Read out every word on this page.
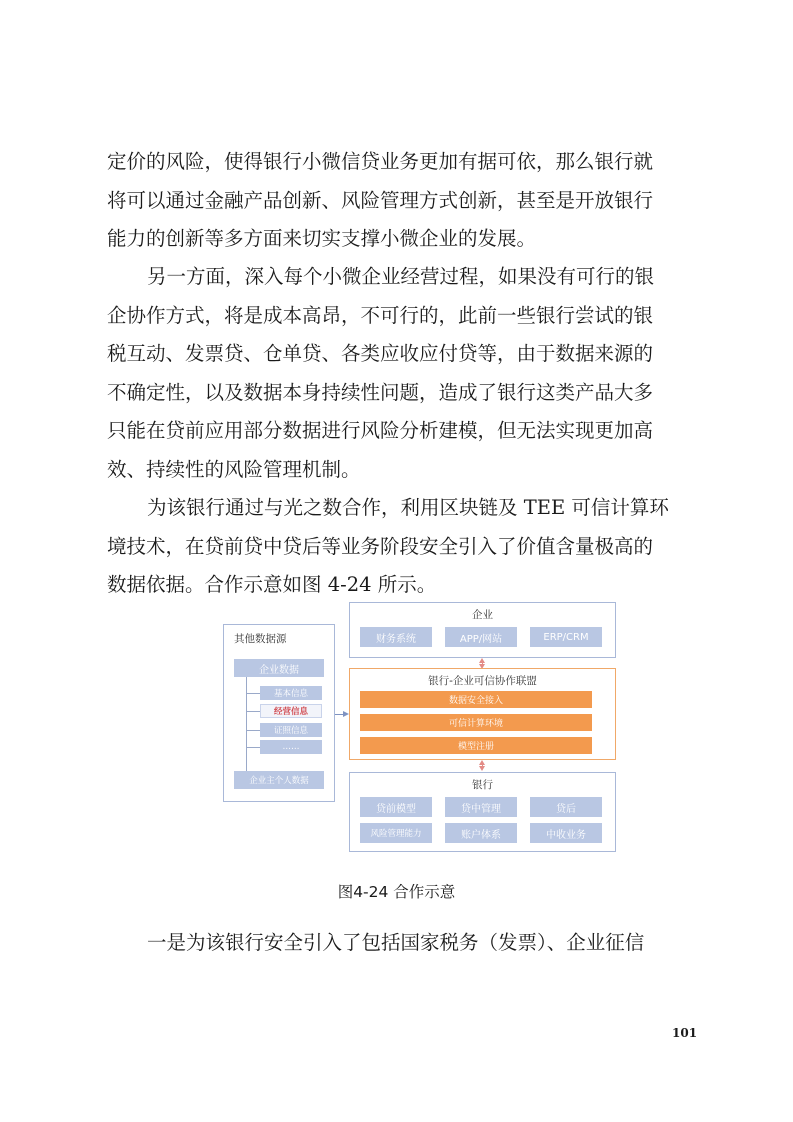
定价的风险，使得银行小微信贷业务更加有据可依，那么银行就
将可以通过金融产品创新、风险管理方式创新，甚至是开放银行
能力的创新等多方面来切实支撑小微企业的发展。
另一方面，深入每个小微企业经营过程，如果没有可行的银
企协作方式，将是成本高昂，不可行的，此前一些银行尝试的银
税互动、发票贷、仓单贷、各类应收应付贷等，由于数据来源的
不确定性，以及数据本身持续性问题，造成了银行这类产品大多
只能在贷前应用部分数据进行风险分析建模，但无法实现更加高
效、持续性的风险管理机制。
为该银行通过与光之数合作，利用区块链及 TEE 可信计算环
境技术，在贷前贷中贷后等业务阶段安全引入了价值含量极高的
数据依据。合作示意如图 4-24 所示。
其他数据源
企业数据
基本信息
经营信息
证照信息
……
企业主个人数据
企业
财务系统	APP/网站	ERP/CRM
银行-企业可信协作联盟
数据安全接入
可信计算环境
模型注册
银行
贷前模型	贷中管理	贷后
风险管理能力	账户体系	中收业务
图4-24 合作示意
一是为该银行安全引入了包括国家税务（发票）、企业征信
101
